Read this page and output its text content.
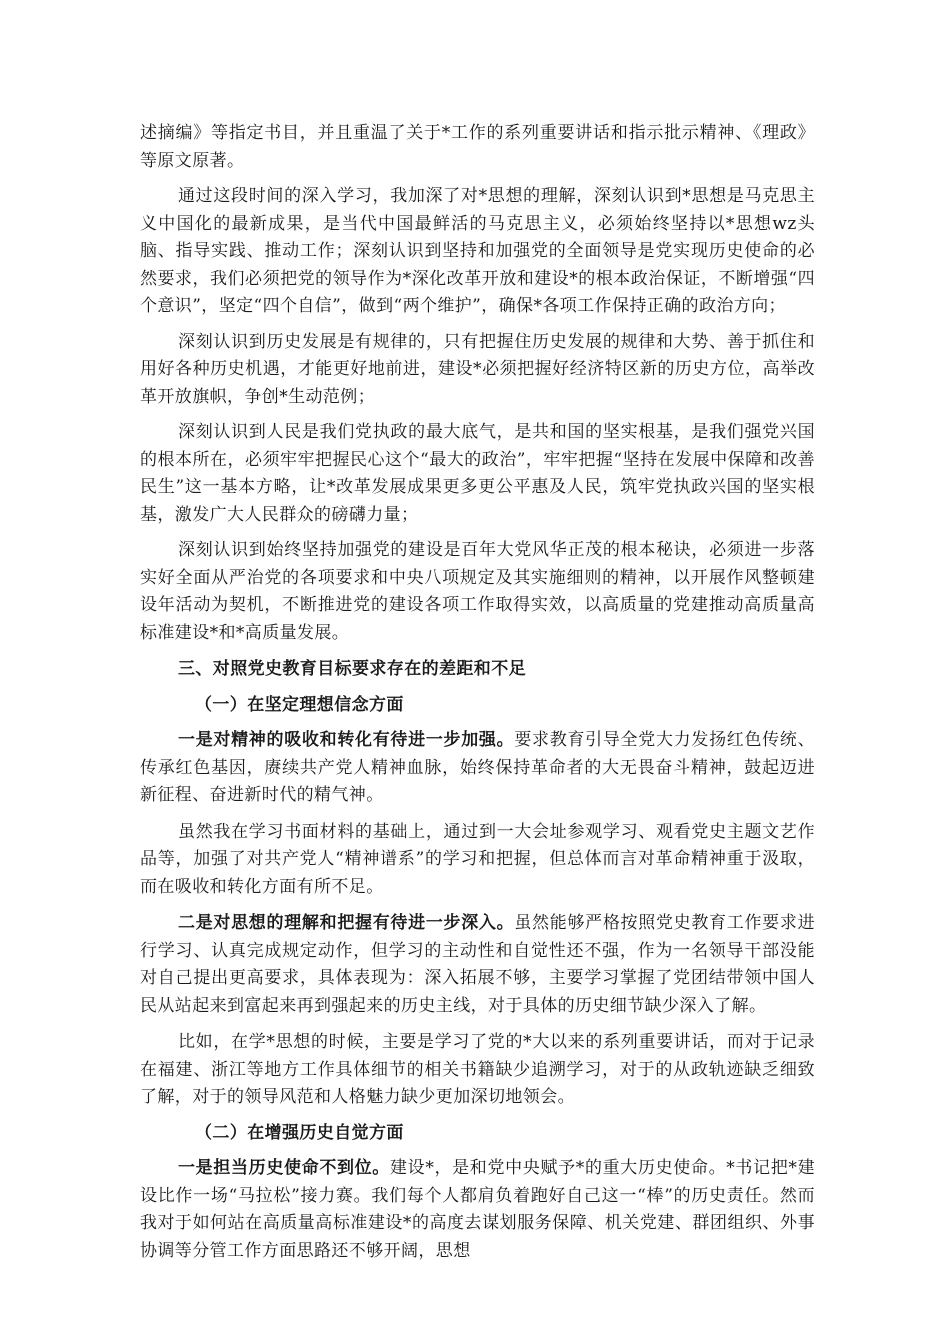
述摘编》等指定书目，并且重温了关于*工作的系列重要讲话和指示批示精神、《理政》等原文原著。

通过这段时间的深入学习，我加深了对*思想的理解，深刻认识到*思想是马克思主义中国化的最新成果，是当代中国最鲜活的马克思主义，必须始终坚持以*思想wz头脑、指导实践、推动工作；深刻认识到坚持和加强党的全面领导是党实现历史使命的必然要求，我们必须把党的领导作为*深化改革开放和建设*的根本政治保证，不断增强“四个意识”，坚定“四个自信”，做到“两个维护”，确保*各项工作保持正确的政治方向；

深刻认识到历史发展是有规律的，只有把握住历史发展的规律和大势、善于抓住和用好各种历史机遇，才能更好地前进，建设*必须把握好经济特区新的历史方位，高举改革开放旗帜，争创*生动范例；

深刻认识到人民是我们党执政的最大底气，是共和国的坚实根基，是我们强党兴国的根本所在，必须牢牢把握民心这个“最大的政治”，牢牢把握“坚持在发展中保障和改善民生”这一基本方略，让*改革发展成果更多更公平惠及人民，筑牢党执政兴国的坚实根基，激发广大人民群众的磅礴力量；

深刻认识到始终坚持加强党的建设是百年大党风华正茂的根本秘诀，必须进一步落实好全面从严治党的各项要求和中央八项规定及其实施细则的精神，以开展作风整顿建设年活动为契机，不断推进党的建设各项工作取得实效，以高质量的党建推动高质量高标准建设*和*高质量发展。

三、对照党史教育目标要求存在的差距和不足

（一）在坚定理想信念方面

一是对精神的吸收和转化有待进一步加强。要求教育引导全党大力发扬红色传统、传承红色基因，赓续共产党人精神血脉，始终保持革命者的大无畏奋斗精神，鼓起迈进新征程、奋进新时代的精气神。

虽然我在学习书面材料的基础上，通过到一大会址参观学习、观看党史主题文艺作品等，加强了对共产党人“精神谱系”的学习和把握，但总体而言对革命精神重于汲取，而在吸收和转化方面有所不足。

二是对思想的理解和把握有待进一步深入。虽然能够严格按照党史教育工作要求进行学习、认真完成规定动作，但学习的主动性和自觉性还不强，作为一名领导干部没能对自己提出更高要求，具体表现为：深入拓展不够，主要学习掌握了党团结带领中国人民从站起来到富起来再到强起来的历史主线，对于具体的历史细节缺少深入了解。

比如，在学*思想的时候，主要是学习了党的*大以来的系列重要讲话，而对于记录在福建、浙江等地方工作具体细节的相关书籍缺少追溯学习，对于的从政轨迹缺乏细致了解，对于的领导风范和人格魅力缺少更加深切地领会。

（二）在增强历史自觉方面

一是担当历史使命不到位。建设*，是和党中央赋予*的重大历史使命。*书记把*建设比作一场“马拉松”接力赛。我们每个人都肩负着跑好自己这一“棒”的历史责任。然而我对于如何站在高质量高标准建设*的高度去谋划服务保障、机关党建、群团组织、外事协调等分管工作方面思路还不够开阔，思想
